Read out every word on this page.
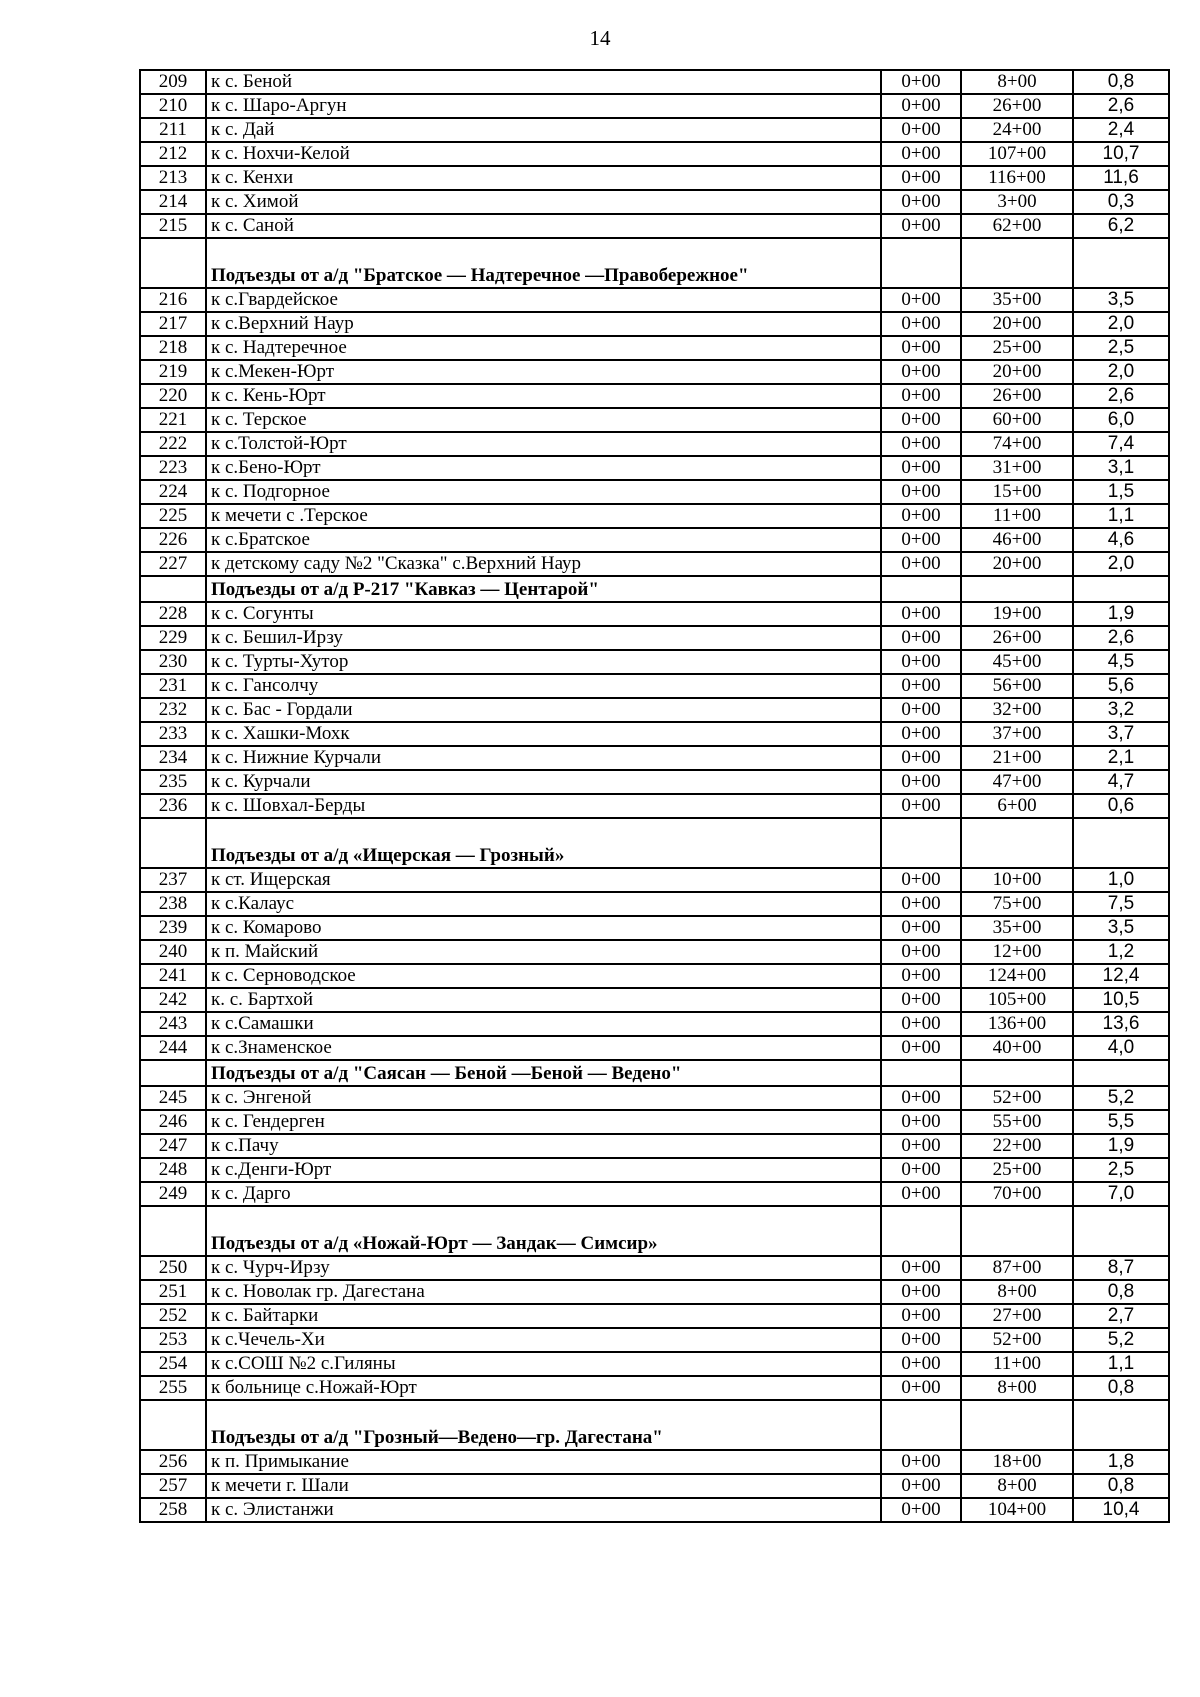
14
209	к с. Беной	0+00	8+00	0,8
210	к с. Шаро-Аргун	0+00	26+00	2,6
211	к с. Дай	0+00	24+00	2,4
212	к с. Нохчи-Келой	0+00	107+00	10,7
213	к с. Кенхи	0+00	116+00	11,6
214	к с. Химой	0+00	3+00	0,3
215	к с. Саной	0+00	62+00	6,2
	Подъезды от а/д "Братское — Надтеречное —Правобережное"			
216	к с.Гвардейское	0+00	35+00	3,5
217	к с.Верхний Наур	0+00	20+00	2,0
218	к с. Надтеречное	0+00	25+00	2,5
219	к с.Мекен-Юрт	0+00	20+00	2,0
220	к с. Кень-Юрт	0+00	26+00	2,6
221	к с. Терское	0+00	60+00	6,0
222	к с.Толстой-Юрт	0+00	74+00	7,4
223	к с.Бено-Юрт	0+00	31+00	3,1
224	к с. Подгорное	0+00	15+00	1,5
225	к мечети с .Терское	0+00	11+00	1,1
226	к с.Братское	0+00	46+00	4,6
227	к детскому саду №2 "Сказка" с.Верхний Наур	0+00	20+00	2,0
	Подъезды от а/д Р-217 "Кавказ — Центарой"			
228	к с. Согунты	0+00	19+00	1,9
229	к с. Бешил-Ирзу	0+00	26+00	2,6
230	к с. Турты-Хутор	0+00	45+00	4,5
231	к с. Гансолчу	0+00	56+00	5,6
232	к с. Бас - Гордали	0+00	32+00	3,2
233	к с. Хашки-Мохк	0+00	37+00	3,7
234	к с. Нижние Курчали	0+00	21+00	2,1
235	к с. Курчали	0+00	47+00	4,7
236	к с. Шовхал-Берды	0+00	6+00	0,6
	Подъезды от а/д «Ищерская — Грозный»			
237	к ст. Ищерская	0+00	10+00	1,0
238	к с.Калаус	0+00	75+00	7,5
239	к с. Комарово	0+00	35+00	3,5
240	к п. Майский	0+00	12+00	1,2
241	к с. Серноводское	0+00	124+00	12,4
242	к. с. Бартхой	0+00	105+00	10,5
243	к с.Самашки	0+00	136+00	13,6
244	к с.Знаменское	0+00	40+00	4,0
	Подъезды от а/д "Саясан — Беной —Беной — Ведено"			
245	к с. Энгеной	0+00	52+00	5,2
246	к с. Гендерген	0+00	55+00	5,5
247	к с.Пачу	0+00	22+00	1,9
248	к с.Денги-Юрт	0+00	25+00	2,5
249	к с. Дарго	0+00	70+00	7,0
	Подъезды от а/д «Ножай-Юрт — Зандак— Симсир»			
250	к с. Чурч-Ирзу	0+00	87+00	8,7
251	к с. Новолак гр. Дагестана	0+00	8+00	0,8
252	к с. Байтарки	0+00	27+00	2,7
253	к с.Чечель-Хи	0+00	52+00	5,2
254	к с.СОШ №2 с.Гиляны	0+00	11+00	1,1
255	к больнице с.Ножай-Юрт	0+00	8+00	0,8
	Подъезды от а/д "Грозный—Ведено—гр. Дагестана"			
256	к п. Примыкание	0+00	18+00	1,8
257	к мечети г. Шали	0+00	8+00	0,8
258	к с. Элистанжи	0+00	104+00	10,4
